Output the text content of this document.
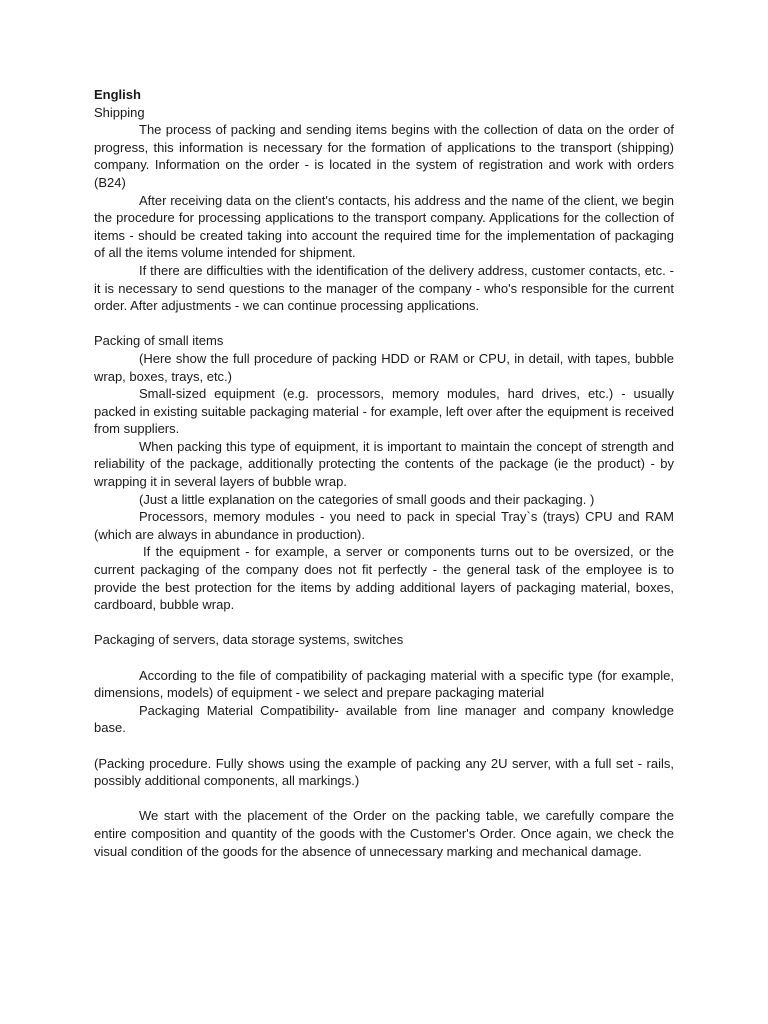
English
Shipping

The process of packing and sending items begins with the collection of data on the order of progress, this information is necessary for the formation of applications to the transport (shipping) company. Information on the order - is located in the system of registration and work with orders (B24)

After receiving data on the client's contacts, his address and the name of the client, we begin the procedure for processing applications to the transport company. Applications for the collection of items - should be created taking into account the required time for the implementation of packaging of all the items volume intended for shipment.

If there are difficulties with the identification of the delivery address, customer contacts, etc. - it is necessary to send questions to the manager of the company - who's responsible for the current order. After adjustments - we can continue processing applications.

Packing of small items

(Here show the full procedure of packing HDD or RAM or CPU, in detail, with tapes, bubble wrap, boxes, trays, etc.)

Small-sized equipment (e.g. processors, memory modules, hard drives, etc.) - usually packed in existing suitable packaging material - for example, left over after the equipment is received from suppliers.

When packing this type of equipment, it is important to maintain the concept of strength and reliability of the package, additionally protecting the contents of the package (ie the product) - by wrapping it in several layers of bubble wrap.

(Just a little explanation on the categories of small goods and their packaging. )

Processors, memory modules - you need to pack in special Tray`s (trays) CPU and RAM (which are always in abundance in production).

If the equipment - for example, a server or components turns out to be oversized, or the current packaging of the company does not fit perfectly - the general task of the employee is to provide the best protection for the items by adding additional layers of packaging material, boxes, cardboard, bubble wrap.

Packaging of servers, data storage systems, switches

According to the file of compatibility of packaging material with a specific type (for example, dimensions, models) of equipment - we select and prepare packaging material

Packaging Material Compatibility- available from line manager and company knowledge base.

(Packing procedure. Fully shows using the example of packing any 2U server, with a full set - rails, possibly additional components, all markings.)

We start with the placement of the Order on the packing table, we carefully compare the entire composition and quantity of the goods with the Customer's Order. Once again, we check the visual condition of the goods for the absence of unnecessary marking and mechanical damage.
